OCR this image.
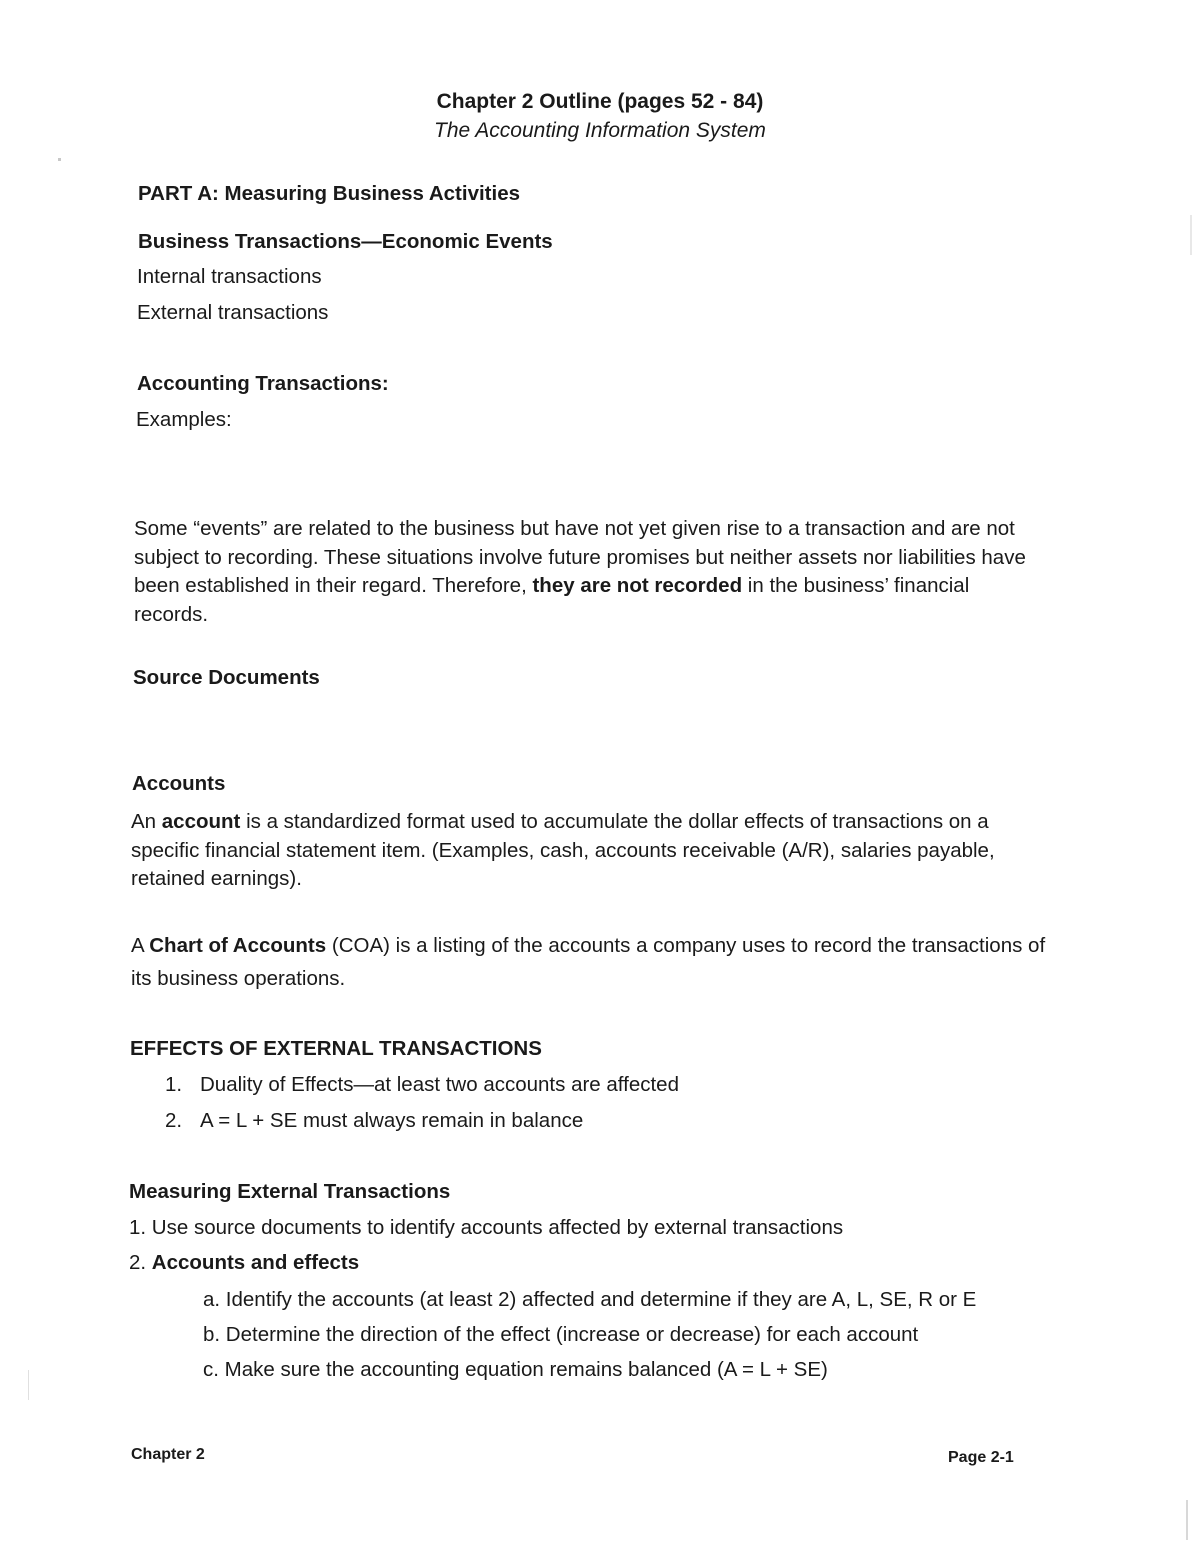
Chapter 2 Outline (pages 52 - 84)
The Accounting Information System
PART A: Measuring Business Activities
Business Transactions—Economic Events
Internal transactions
External transactions
Accounting Transactions:
Examples:
Some “events” are related to the business but have not yet given rise to a transaction and are not subject to recording. These situations involve future promises but neither assets nor liabilities have been established in their regard. Therefore, they are not recorded in the business’ financial records.
Source Documents
Accounts
An account is a standardized format used to accumulate the dollar effects of transactions on a specific financial statement item. (Examples, cash, accounts receivable (A/R), salaries payable, retained earnings).
A Chart of Accounts (COA) is a listing of the accounts a company uses to record the transactions of its business operations.
EFFECTS OF EXTERNAL TRANSACTIONS
1. Duality of Effects—at least two accounts are affected
2. A = L + SE must always remain in balance
Measuring External Transactions
1. Use source documents to identify accounts affected by external transactions
2. Accounts and effects
a. Identify the accounts (at least 2) affected and determine if they are A, L, SE, R or E
b. Determine the direction of the effect (increase or decrease) for each account
c. Make sure the accounting equation remains balanced (A = L + SE)
Chapter 2	Page 2-1
